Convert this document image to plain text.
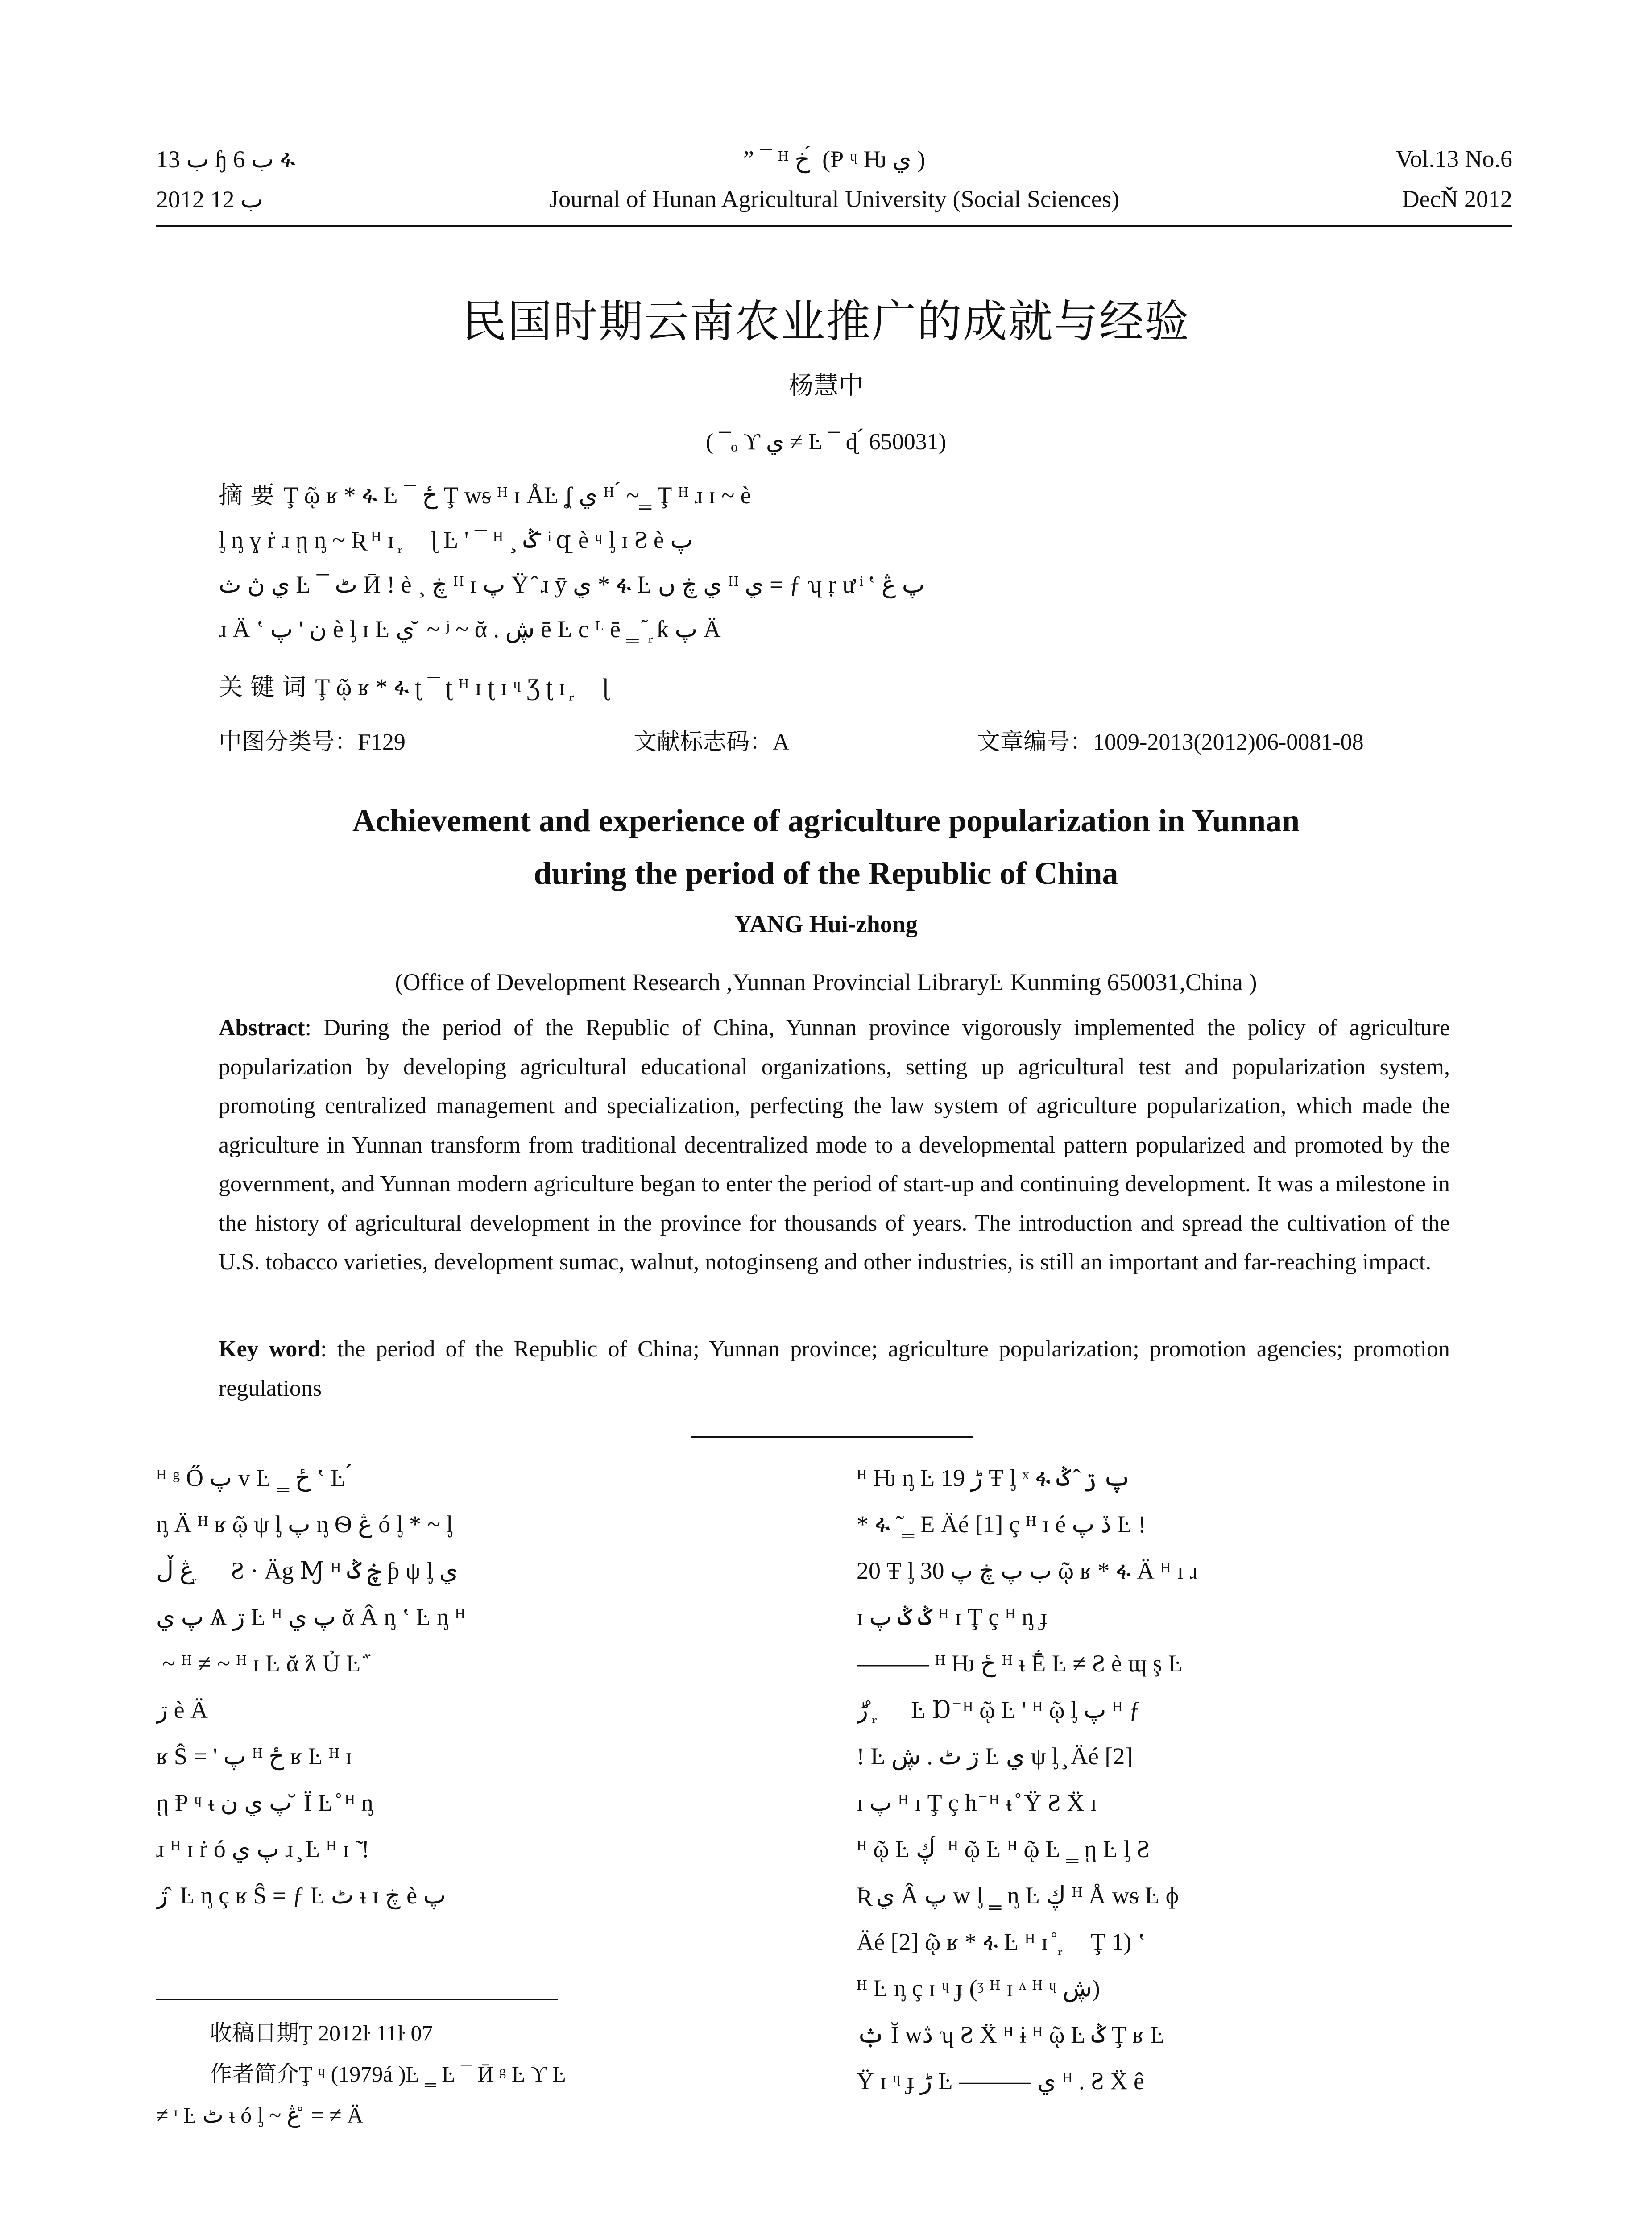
ب 13 ɧ ب 6 ፋ	” ¯ ᴴ خ ́ (Ᵽ ᶣ Ƕ ي )	Vol.13 No.6
2012 ب 12	Journal of Hunan Agricultural University (Social Sciences)	DecŇ 2012
民国时期云南农业推广的成就与经验
杨慧中
( ¯ₒ ϒ ي ≠ Ŀ ¯ ɖ ́ 650031)
摘 要 Ţ ῷ ʁ * ፋ Ŀ ¯ ځ Ţ wᵴ ᴴ ɪ ÅĿ ʆ ي ᴴ ́ ~‗ Ţ ᴴ ɹ ɪ ~ è
ᶅ ᶇ ɣ ṙ ɹ ῃ ᶇ ~ Ʀ ᴴ ɪ ᷊ ᷞ ɭ Ŀ ' ¯ ᴴ ¸ ݣ ̄ ͥ զ è ᶣ ᶅ ɪ Ƨ è پ
ي ڽ ث Ŀ ¯ ٹ Ӣ ! è ¸ ڿ ᴴ ɪ پ Ÿ ̂ ɹ ȳ ي * ፋ Ŀ ي ڿ ں ᴴ ي = ƒ ʮ ṛ ư ͥ ʽ پ ڠ
ɹ Ä ʽ ن ' پ è ᶅ ɪ Ŀ ي ̆ ~ ʲ ~ ᾰ . ڜ ē Ŀ c ᴸ ē ‗ ᷉ ᷊ ƙ پ Ä
关 键 词 Ţ ῷ ʁ * ፋ ʈ ¯ ʈ ᴴ ɪ ʈ ɪ ᶣ Ʒ ʈ ɪ ᷊ ᷞ ɭ
中图分类号：F129	文献标志码：A	文章编号：1009-2013(2012)06-0081-08
Achievement and experience of agriculture popularization in Yunnan
during the period of the Republic of China
YANG Hui-zhong
(Office of Development Research ,Yunnan Provincial LibraryĿ Kunming 650031,China )
Abstract: During the period of the Republic of China, Yunnan province vigorously implemented the policy of agriculture popularization by developing agricultural educational organizations, setting up agricultural test and popularization system, promoting centralized management and specialization, perfecting the law system of agriculture popularization, which made the agriculture in Yunnan transform from traditional decentralized mode to a developmental pattern popularized and promoted by the government, and Yunnan modern agriculture began to enter the period of start-up and continuing development. It was a milestone in the history of agricultural development in the province for thousands of years. The introduction and spread the cultivation of the U.S. tobacco varieties, development sumac, walnut, notoginseng and other industries, is still an important and far-reaching impact.
Key word: the period of the Republic of China; Yunnan province; agriculture popularization; promotion agencies; promotion regulations
ᴴ ᵍ Ő پ ᴠ Ŀ ‗ ځ ʽ Ŀ ́
ᶇ Ä ᴴ ʁ ῷ ψ ᶅ پ ᶇ Ѳ ڠ ó ᶅ * ~ ᶅ
ڠ ڵ ᷊ ᷞ Ƨ · Äg Ɱ ᴴ ڿ ݣ ƥ ψ ᶅ ي
پ ي Ѧ ڗ Ŀ ᴴ پ ي ᾰ Â ᶇ ʽ Ŀ ᶇ ᴴ
́ ~ ᴴ ≠ ~ ᴴ ɪ Ŀ ᾰ ƛ Ủ Ŀ ᷀
ڗ è Ä
ʁ Ŝ = ' پ ᴴ ځ ʁ Ŀ ᴴ ɪ
ῃ Ᵽ ᶣ ᵼ پ ي ن ̆ Ï Ŀ ̊ ᴴ ᶇ
ɹ ᴴ ɪ ṙ ó پ ي ɹ ̧ Ŀ ᴴ ɪ ̃ !
ڗ ̂ Ŀ ᶇ ç ʁ Ŝ = ƒ Ŀ ٹ ᵼ ɪ ڿ è پ
ᴴ Ƕ ᶇ Ŀ ڑ 19 Ŧ ᶅ ˣ ፋ پ ڗ ̂ ݣ
* ፋ ̃ ‗ Ε Äé [1] ç ᴴ ɪ é ڏ پ Ŀ !
20 Ŧ ᶅ 30 ب پ ڿ پ ῷ ʁ * ፋ Ä ᴴ ɪ ɹ
ɪ ݣ ݣ پ ᴴ ɪ Ţ ç ᴴ ᶇ ɟ
——— ᴴ Ƕ ځ ᴴ ᵼ Ḗ Ŀ ≠ Ƨ è ɰ ş Ŀ
ڑ ̊ ᷊ ᷞ Ŀ Ɒ ̄ ᴴ ῷ Ŀ ' ᴴ ῷ ᶅ پ ᴴ ƒ
! Ŀ ڗ ٹ . ڜ Ŀ ي ψ ᶅ ̧ Äé [2]
ɪ پ ᴴ ɪ Ţ ç h ̄ ᴴ ᵼ ̊ Ÿ Ƨ Ẍ ɪ
ᴴ ῷ Ŀ ڮ ́ ᴴ ῷ Ŀ ᴴ ῷ Ŀ ‗ ῃ Ŀ ᶅ Ƨ
Ʀ ي Â پ w ᶅ ‗ ᶇ Ŀ ڮ ᴴ Å wᵴ Ŀ ɸ
Äé [2] ῷ ʁ * ፋ Ŀ ᴴ ɪ ̊ ᷊ ᷞ Ţ 1) ʽ
ᴴ Ŀ ᶇ ç ɪ ᶣ ɟ (ᶾ ᴴ ɪ ᶺ ᴴ ᶣ ڜ)
ݑ Ĭ wڎ ʮ Ƨ Ẍ ᴴ ɨ ᴴ ῷ Ŀ ݣ Ţ ʁ Ŀ
Ÿ ɪ ᶣ ɟ ڑ Ŀ ——— ي ᴴ . Ƨ Ẍ ê
收稿日期Ţ 2012ŀ 11ŀ 07
作者简介Ţ ᶣ (1979á )Ŀ ‗ Ŀ ¯ Ӣ ᵍ Ŀ ϒ Ŀ
≠ ᶦ Ŀ ٹ ᵼ ó ᶅ ~ ڠ ̊ = ≠ Ä
